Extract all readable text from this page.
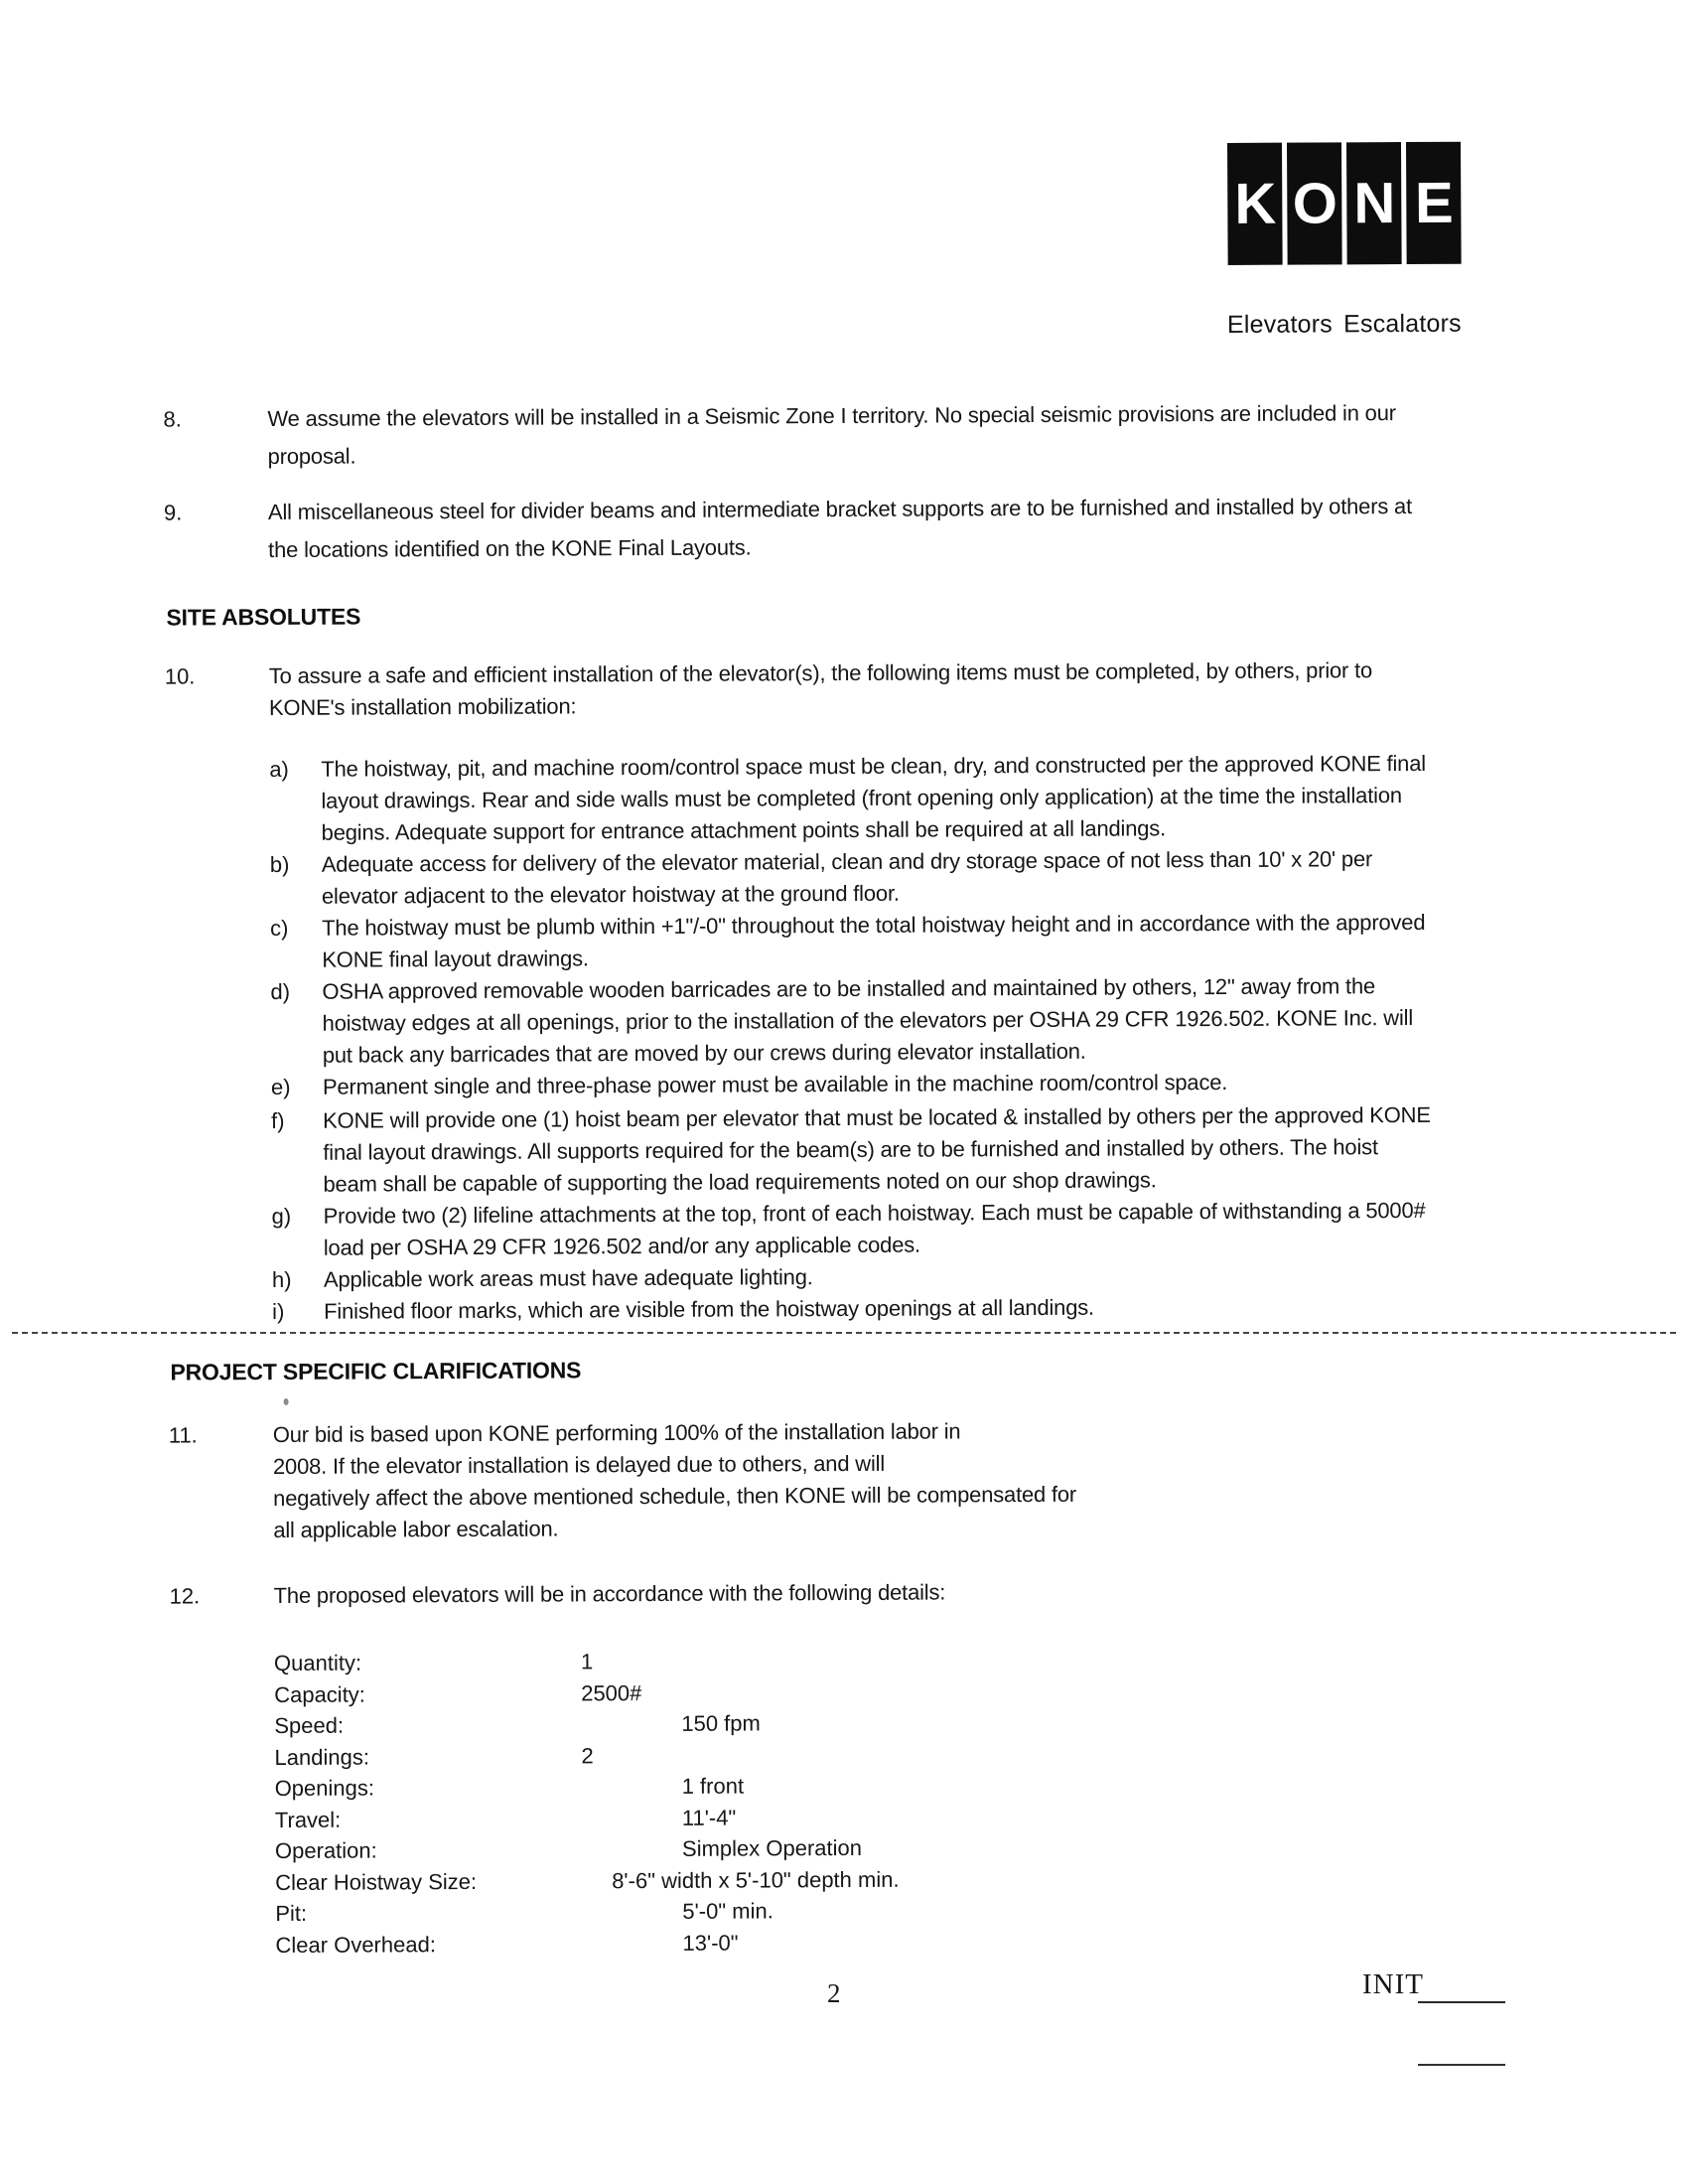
K O N E
Elevators Escalators
8.	We assume the elevators will be installed in a Seismic Zone I territory. No special seismic provisions are included in our
proposal.
9.	All miscellaneous steel for divider beams and intermediate bracket supports are to be furnished and installed by others at
the locations identified on the KONE Final Layouts.
SITE ABSOLUTES
10.	To assure a safe and efficient installation of the elevator(s), the following items must be completed, by others, prior to
KONE's installation mobilization:
a) The hoistway, pit, and machine room/control space must be clean, dry, and constructed per the approved KONE final
layout drawings. Rear and side walls must be completed (front opening only application) at the time the installation
begins. Adequate support for entrance attachment points shall be required at all landings.
b) Adequate access for delivery of the elevator material, clean and dry storage space of not less than 10' x 20' per
elevator adjacent to the elevator hoistway at the ground floor.
c) The hoistway must be plumb within +1"/-0" throughout the total hoistway height and in accordance with the approved
KONE final layout drawings.
d) OSHA approved removable wooden barricades are to be installed and maintained by others, 12" away from the
hoistway edges at all openings, prior to the installation of the elevators per OSHA 29 CFR 1926.502. KONE Inc. will
put back any barricades that are moved by our crews during elevator installation.
e) Permanent single and three-phase power must be available in the machine room/control space.
f) KONE will provide one (1) hoist beam per elevator that must be located & installed by others per the approved KONE
final layout drawings. All supports required for the beam(s) are to be furnished and installed by others. The hoist
beam shall be capable of supporting the load requirements noted on our shop drawings.
g) Provide two (2) lifeline attachments at the top, front of each hoistway. Each must be capable of withstanding a 5000#
load per OSHA 29 CFR 1926.502 and/or any applicable codes.
h) Applicable work areas must have adequate lighting.
i) Finished floor marks, which are visible from the hoistway openings at all landings.
PROJECT SPECIFIC CLARIFICATIONS
11.	Our bid is based upon KONE performing 100% of the installation labor in
2008. If the elevator installation is delayed due to others, and will
negatively affect the above mentioned schedule, then KONE will be compensated for
all applicable labor escalation.
12.	The proposed elevators will be in accordance with the following details:
Quantity:	1
Capacity:	2500#
Speed:	150 fpm
Landings:	2
Openings:	1 front
Travel:	11'-4"
Operation:	Simplex Operation
Clear Hoistway Size:	8'-6" width x 5'-10" depth min.
Pit:	5'-0" min.
Clear Overhead:	13'-0"
2	INIT
